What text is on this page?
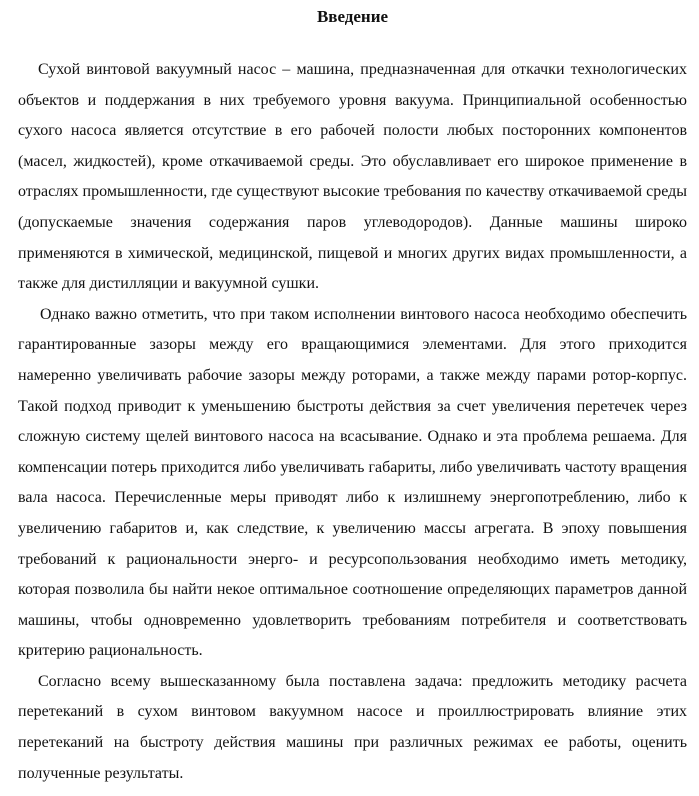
Введение

Сухой винтовой вакуумный насос – машина, предназначенная для откачки технологических объектов и поддержания в них требуемого уровня вакуума. Принципиальной особенностью сухого насоса является отсутствие в его рабочей полости любых посторонних компонентов (масел, жидкостей), кроме откачиваемой среды. Это обуславливает его широкое применение в отраслях промышленности, где существуют высокие требования по качеству откачиваемой среды (допускаемые значения содержания паров углеводородов). Данные машины широко применяются в химической, медицинской, пищевой и многих других видах промышленности, а также для дистилляции и вакуумной сушки.

Однако важно отметить, что при таком исполнении винтового насоса необходимо обеспечить гарантированные зазоры между его вращающимися элементами. Для этого приходится намеренно увеличивать рабочие зазоры между роторами, а также между парами ротор-корпус. Такой подход приводит к уменьшению быстроты действия за счет увеличения перетечек через сложную систему щелей винтового насоса на всасывание. Однако и эта проблема решаема. Для компенсации потерь приходится либо увеличивать габариты, либо увеличивать частоту вращения вала насоса. Перечисленные меры приводят либо к излишнему энергопотреблению, либо к увеличению габаритов и, как следствие, к увеличению массы агрегата. В эпоху повышения требований к рациональности энерго- и ресурсопользования необходимо иметь методику, которая позволила бы найти некое оптимальное соотношение определяющих параметров данной машины, чтобы одновременно удовлетворить требованиям потребителя и соответствовать критерию рациональность.

Согласно всему вышесказанному была поставлена задача: предложить методику расчета перетеканий в сухом винтовом вакуумном насосе и проиллюстрировать влияние этих перетеканий на быстроту действия машины при различных режимах ее работы, оценить полученные результаты.
